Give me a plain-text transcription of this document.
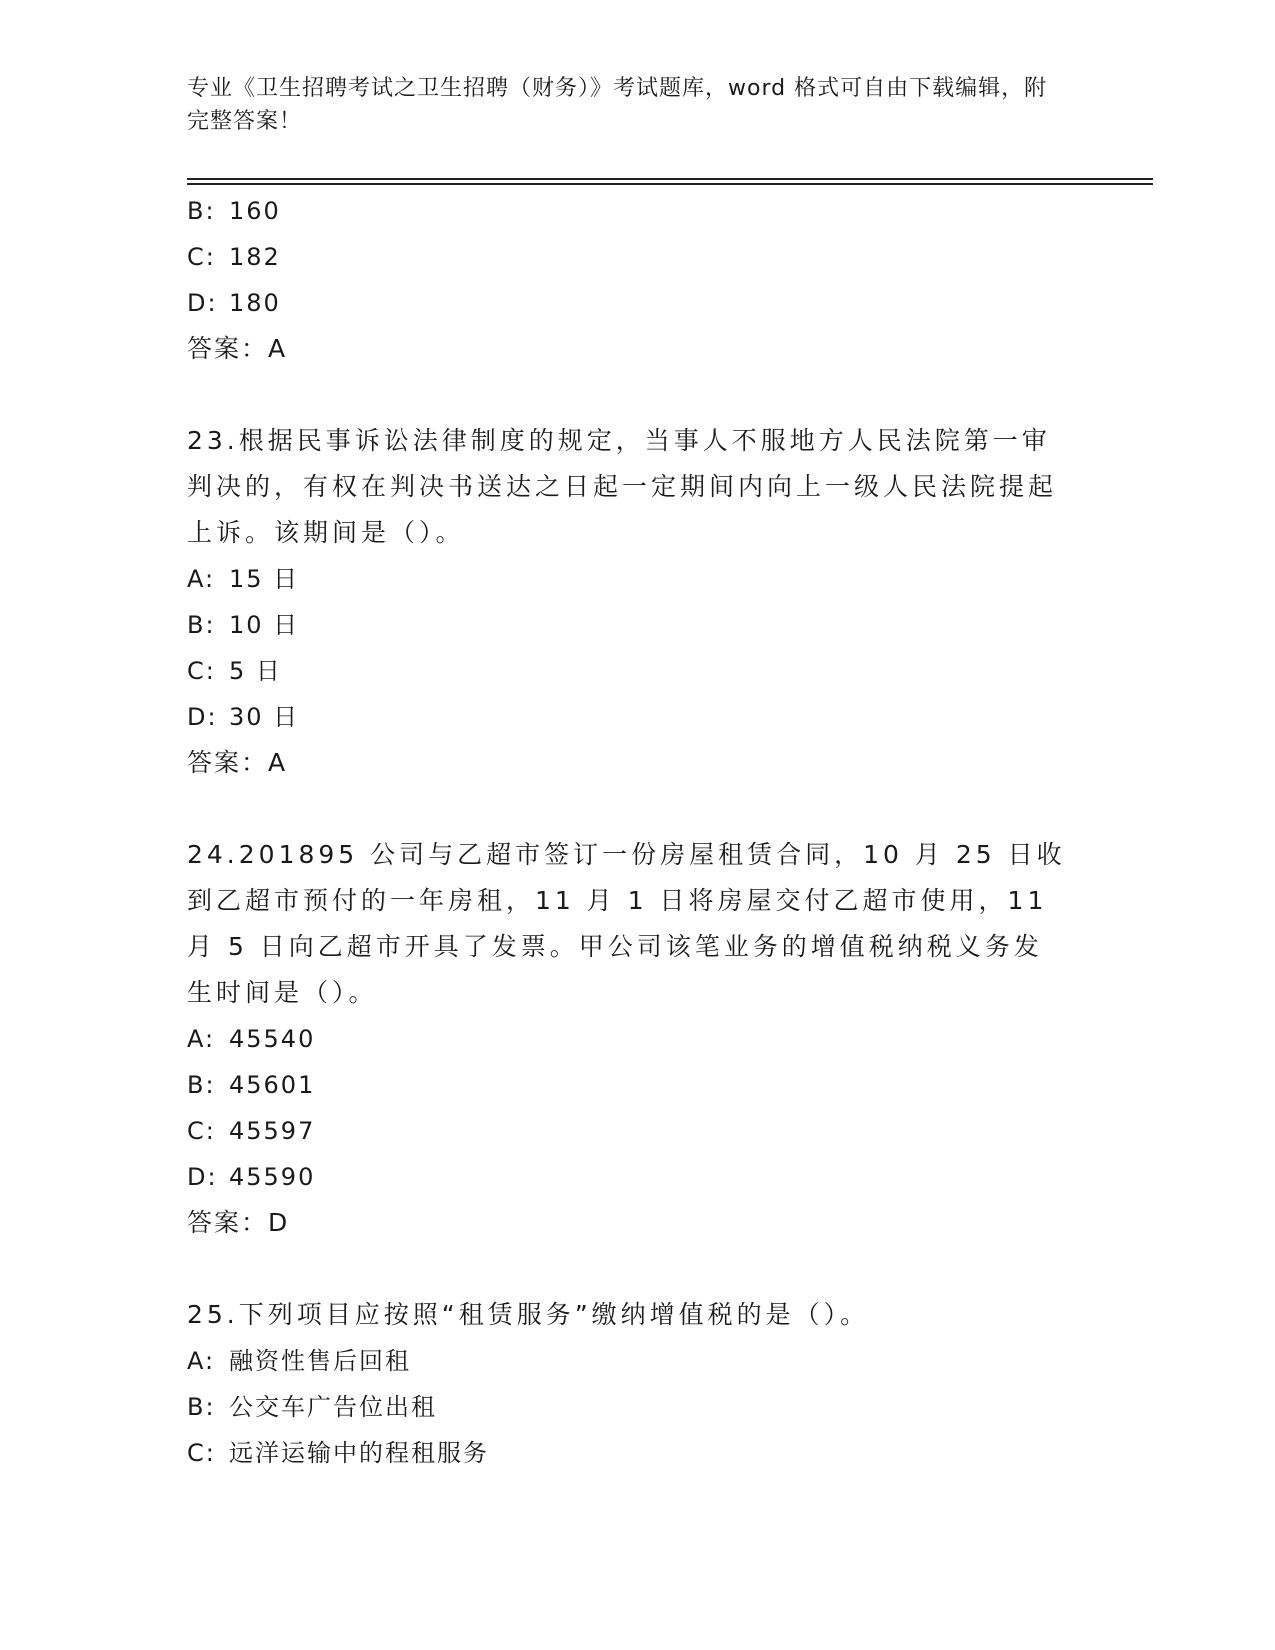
专业《卫生招聘考试之卫生招聘（财务）》考试题库，word 格式可自由下载编辑，附完整答案！
B: 160
C: 182
D: 180
答案：A
23.根据民事诉讼法律制度的规定，当事人不服地方人民法院第一审判决的，有权在判决书送达之日起一定期间内向上一级人民法院提起上诉。该期间是（）。
A: 15 日
B: 10 日
C: 5 日
D: 30 日
答案：A
24.201895 公司与乙超市签订一份房屋租赁合同，10 月 25 日收到乙超市预付的一年房租，11 月 1 日将房屋交付乙超市使用，11 月 5 日向乙超市开具了发票。甲公司该笔业务的增值税纳税义务发生时间是（）。
A: 45540
B: 45601
C: 45597
D: 45590
答案：D
25.下列项目应按照“租赁服务”缴纳增值税的是（）。
A: 融资性售后回租
B: 公交车广告位出租
C: 远洋运输中的程租服务
